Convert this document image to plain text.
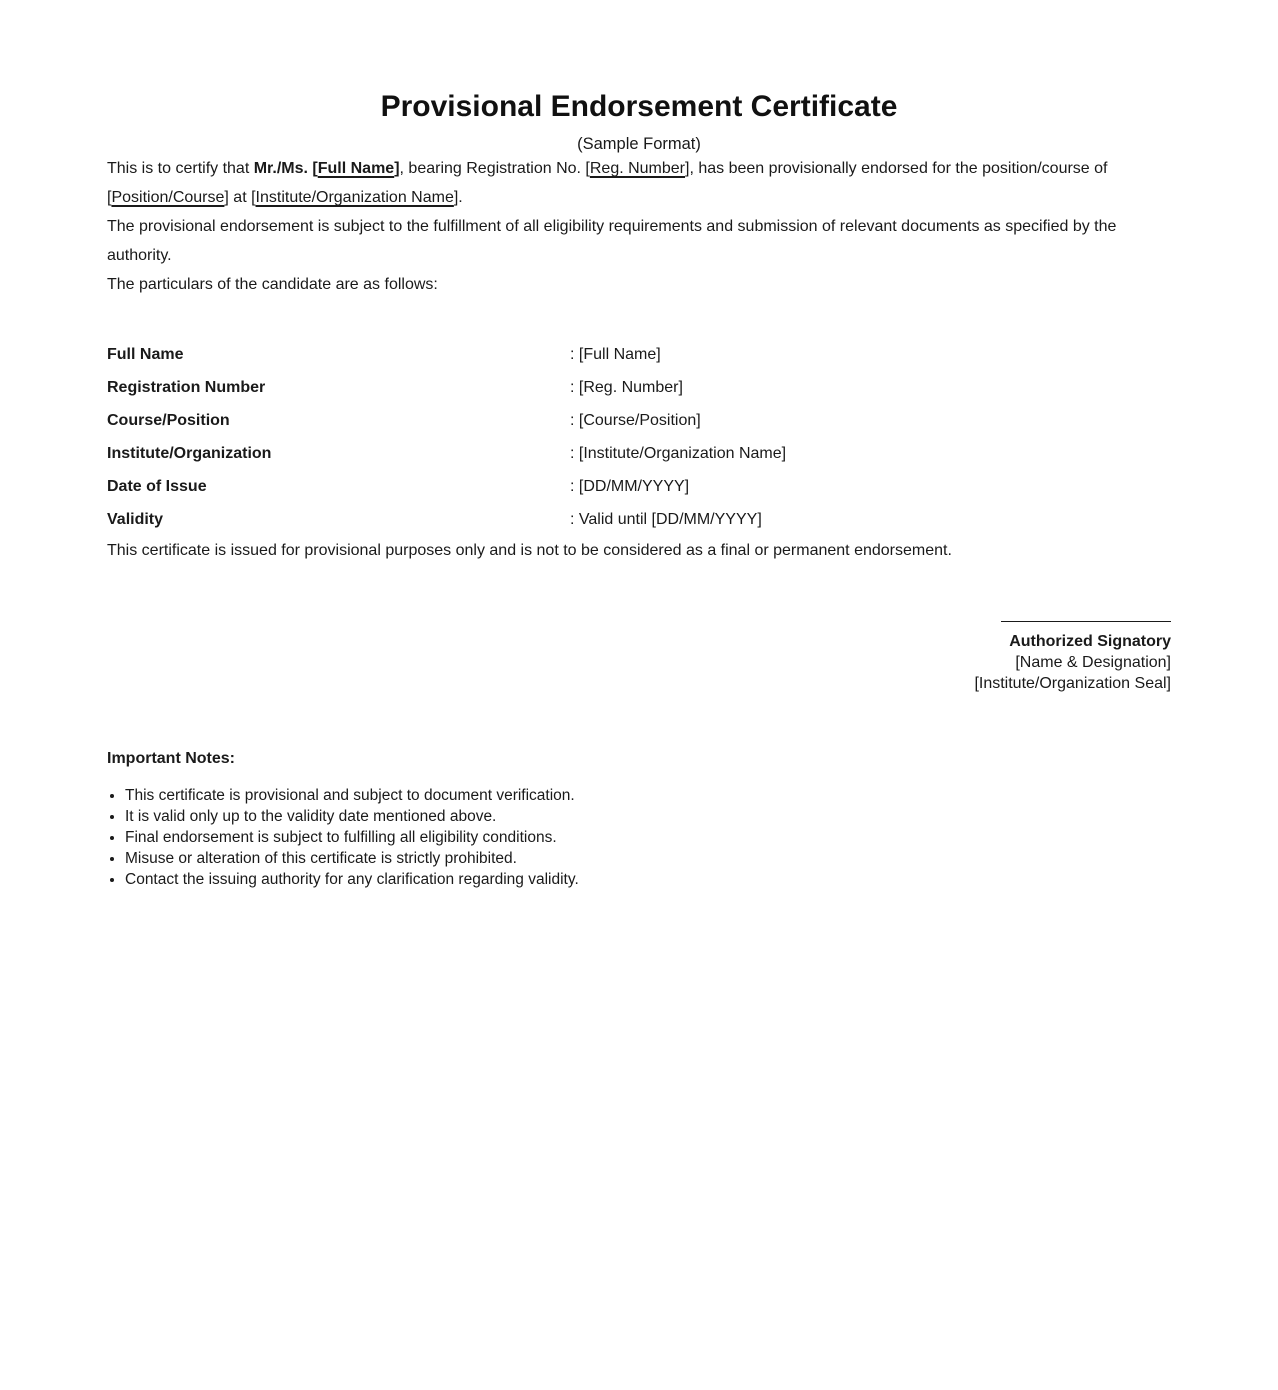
Provisional Endorsement Certificate
(Sample Format)

This is to certify that Mr./Ms. [Full Name], bearing Registration No. [Reg. Number], has been provisionally endorsed for the position/course of [Position/Course] at [Institute/Organization Name].

The provisional endorsement is subject to the fulfillment of all eligibility requirements and submission of relevant documents as specified by the authority.

The particulars of the candidate are as follows:

Full Name	: [Full Name]
Registration Number	: [Reg. Number]
Course/Position	: [Course/Position]
Institute/Organization	: [Institute/Organization Name]
Date of Issue	: [DD/MM/YYYY]
Validity	: Valid until [DD/MM/YYYY]

This certificate is issued for provisional purposes only and is not to be considered as a final or permanent endorsement.

Authorized Signatory
[Name & Designation]
[Institute/Organization Seal]
Important Notes:
• This certificate is provisional and subject to document verification.
• It is valid only up to the validity date mentioned above.
• Final endorsement is subject to fulfilling all eligibility conditions.
• Misuse or alteration of this certificate is strictly prohibited.
• Contact the issuing authority for any clarification regarding validity.
